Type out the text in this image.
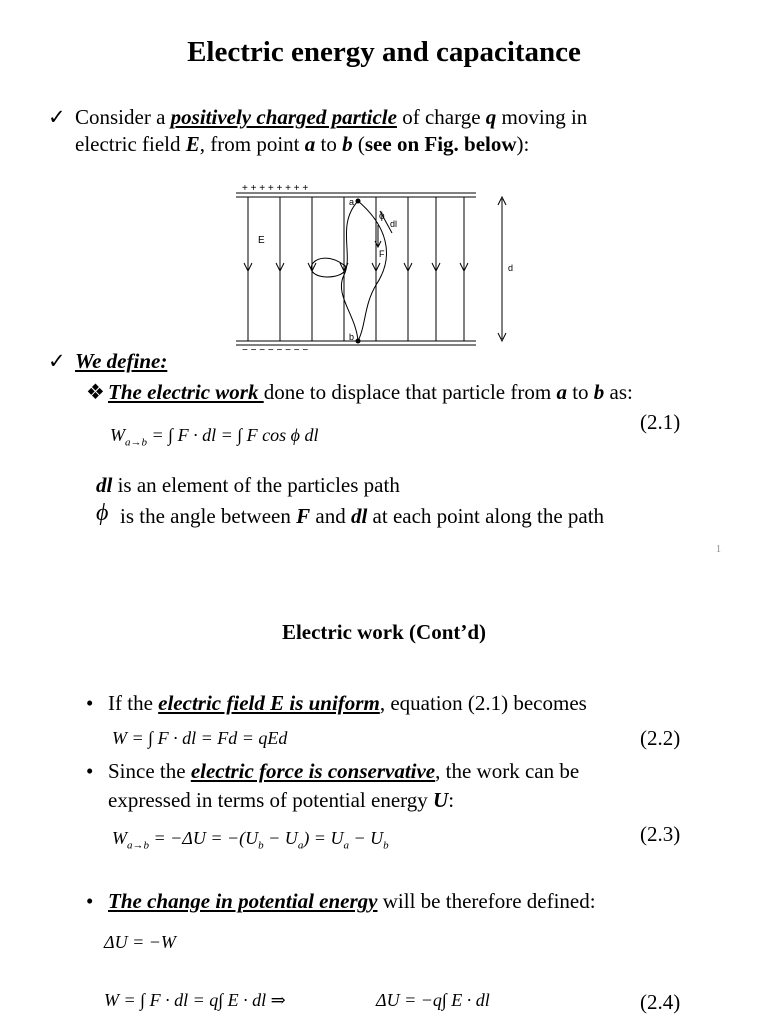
Electric energy and capacitance
✓ Consider a positively charged particle of charge q moving in
electric field E, from point a to b (see on Fig. below):
+ + + + + + + +
− − − − − − − −
E
a
b
ϕ
dl
F
d
✓ We define:
❖ The electric work done to displace that particle from a to b as:
(2.1)
$W_{a\to b}$ = ∫ F · dl = ∫ F cos ϕ dl
dl is an element of the particles path
ϕ is the angle between F and dl at each point along the path
1
Electric work (Cont’d)
• If the electric field E is uniform, equation (2.1) becomes
W = ∫ F · dl = Fd = qEd	(2.2)
• Since the electric force is conservative, the work can be
expressed in terms of potential energy U:
$W_{a\to b} = -\Delta U = -(U_b - U_a) = U_a - U_b$	(2.3)
• The change in potential energy will be therefore defined:
ΔU = −W
W = ∫ F · dl = q∫ E · dl ⇒	ΔU = −q∫ E · dl	(2.4)
